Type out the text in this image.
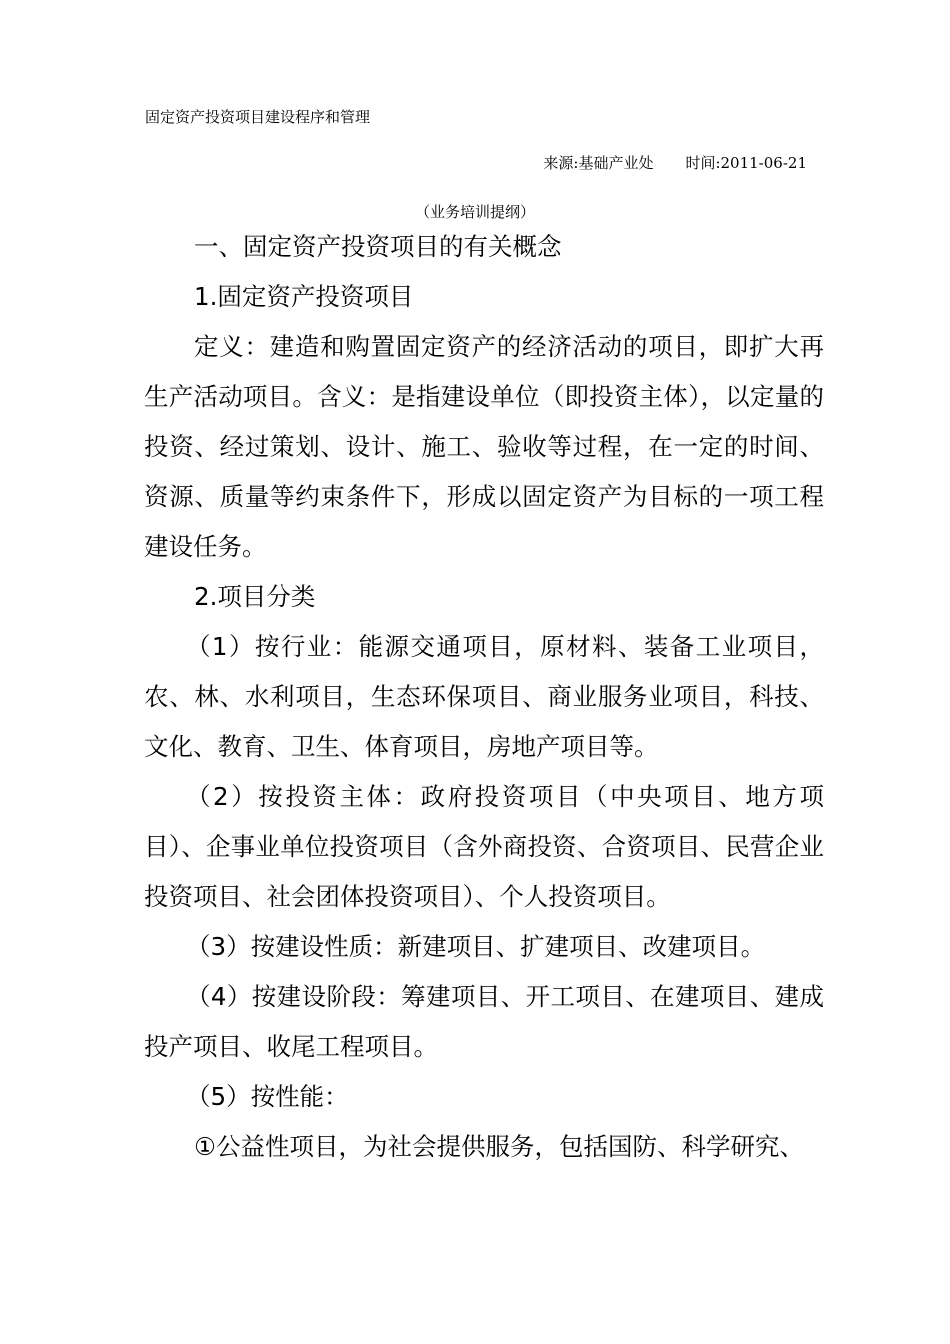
固定资产投资项目建设程序和管理
来源:基础产业处 时间:2011-06-21
（业务培训提纲）

一、固定资产投资项目的有关概念

1.固定资产投资项目

定义：建造和购置固定资产的经济活动的项目，即扩大再生产活动项目。含义：是指建设单位（即投资主体），以定量的投资、经过策划、设计、施工、验收等过程，在一定的时间、资源、质量等约束条件下，形成以固定资产为目标的一项工程建设任务。

2.项目分类

（1）按行业：能源交通项目，原材料、装备工业项目，农、林、水利项目，生态环保项目、商业服务业项目，科技、文化、教育、卫生、体育项目，房地产项目等。

（2）按投资主体：政府投资项目（中央项目、地方项目）、企事业单位投资项目（含外商投资、合资项目、民营企业投资项目、社会团体投资项目）、个人投资项目。

（3）按建设性质：新建项目、扩建项目、改建项目。

（4）按建设阶段：筹建项目、开工项目、在建项目、建成投产项目、收尾工程项目。

（5）按性能：

①公益性项目，为社会提供服务，包括国防、科学研究、
